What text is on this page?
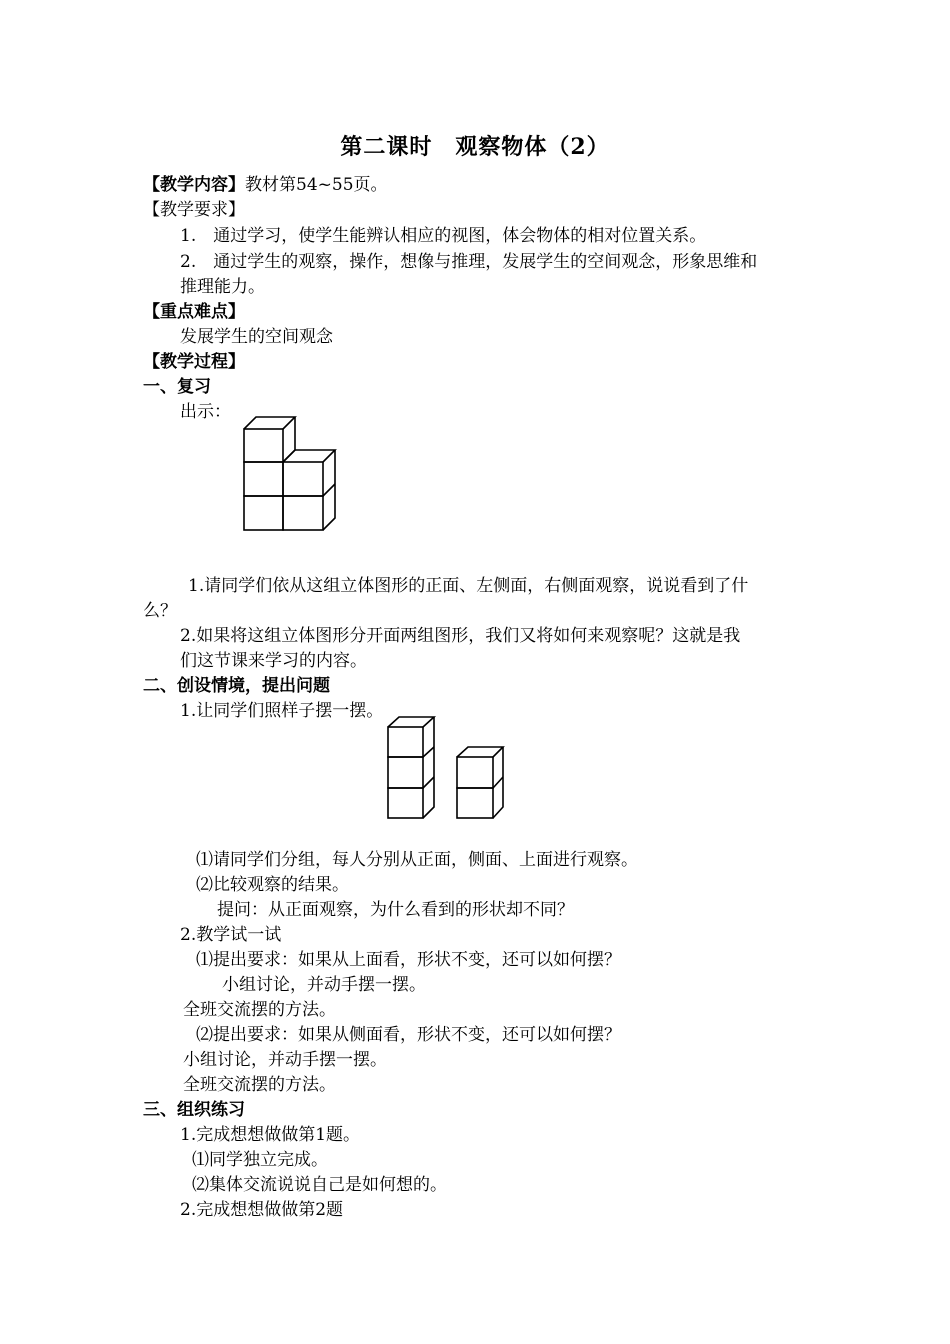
第二课时　观察物体（2）
【教学内容】教材第54~55页。
【教学要求】
1.　通过学习，使学生能辨认相应的视图，体会物体的相对位置关系。
2.　通过学生的观察，操作，想像与推理，发展学生的空间观念，形象思维和
推理能力。
【重点难点】
发展学生的空间观念
【教学过程】
一、复习
出示：
1.请同学们依从这组立体图形的正面、左侧面，右侧面观察，说说看到了什
么？
2.如果将这组立体图形分开面两组图形，我们又将如何来观察呢？这就是我
们这节课来学习的内容。
二、创设情境，提出问题
1.让同学们照样子摆一摆。
⑴请同学们分组，每人分别从正面，侧面、上面进行观察。
⑵比较观察的结果。
提问：从正面观察，为什么看到的形状却不同？
2.教学试一试
⑴提出要求：如果从上面看，形状不变，还可以如何摆？
小组讨论，并动手摆一摆。
全班交流摆的方法。
⑵提出要求：如果从侧面看，形状不变，还可以如何摆？
小组讨论，并动手摆一摆。
全班交流摆的方法。
三、组织练习
1.完成想想做做第1题。
⑴同学独立完成。
⑵集体交流说说自己是如何想的。
2.完成想想做做第2题
